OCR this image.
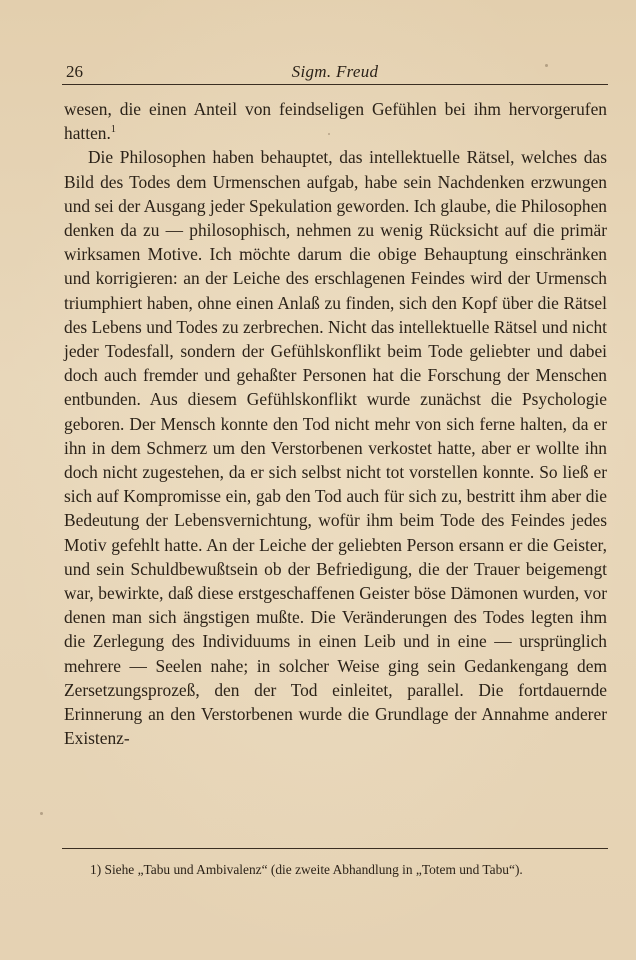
26	Sigm. Freud

wesen, die einen Anteil von feindseligen Gefühlen bei ihm hervorgerufen hatten.$^1$

Die Philosophen haben behauptet, das intellektuelle Rätsel, welches das Bild des Todes dem Urmenschen aufgab, habe sein Nachdenken erzwungen und sei der Ausgang jeder Spekulation geworden. Ich glaube, die Philosophen denken da zu — philosophisch, nehmen zu wenig Rücksicht auf die primär wirksamen Motive. Ich möchte darum die obige Behauptung einschränken und korrigieren: an der Leiche des erschlagenen Feindes wird der Urmensch triumphiert haben, ohne einen Anlaß zu finden, sich den Kopf über die Rätsel des Lebens und Todes zu zerbrechen. Nicht das intellektuelle Rätsel und nicht jeder Todesfall, sondern der Gefühlskonflikt beim Tode geliebter und dabei doch auch fremder und gehaßter Personen hat die Forschung der Menschen entbunden. Aus diesem Gefühlskonflikt wurde zunächst die Psychologie geboren. Der Mensch konnte den Tod nicht mehr von sich ferne halten, da er ihn in dem Schmerz um den Verstorbenen verkostet hatte, aber er wollte ihn doch nicht zugestehen, da er sich selbst nicht tot vorstellen konnte. So ließ er sich auf Kompromisse ein, gab den Tod auch für sich zu, bestritt ihm aber die Bedeutung der Lebensvernichtung, wofür ihm beim Tode des Feindes jedes Motiv gefehlt hatte. An der Leiche der geliebten Person ersann er die Geister, und sein Schuldbewußtsein ob der Befriedigung, die der Trauer beigemengt war, bewirkte, daß diese erstgeschaffenen Geister böse Dämonen wurden, vor denen man sich ängstigen mußte. Die Veränderungen des Todes legten ihm die Zerlegung des Individuums in einen Leib und in eine — ursprünglich mehrere — Seelen nahe; in solcher Weise ging sein Gedankengang dem Zersetzungsprozeß, den der Tod einleitet, parallel. Die fortdauernde Erinnerung an den Verstorbenen wurde die Grundlage der Annahme anderer Existenz-

1) Siehe „Tabu und Ambivalenz“ (die zweite Abhandlung in „Totem und Tabu“).
